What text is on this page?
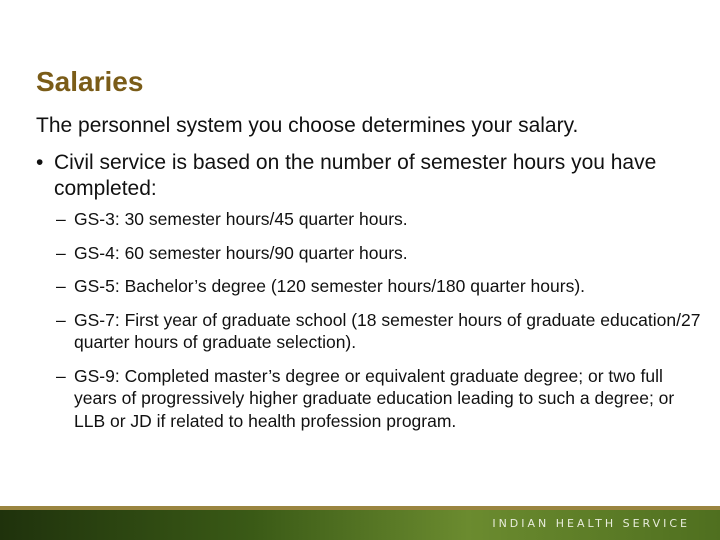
Salaries
The personnel system you choose determines your salary.
• Civil service is based on the number of semester hours you have completed:
– GS-3: 30 semester hours/45 quarter hours.
– GS-4: 60 semester hours/90 quarter hours.
– GS-5: Bachelor’s degree (120 semester hours/180 quarter hours).
– GS-7: First year of graduate school (18 semester hours of graduate education/27 quarter hours of graduate selection).
– GS-9: Completed master’s degree or equivalent graduate degree; or two full years of progressively higher graduate education leading to such a degree; or LLB or JD if related to health profession program.
INDIAN HEALTH SERVICE
